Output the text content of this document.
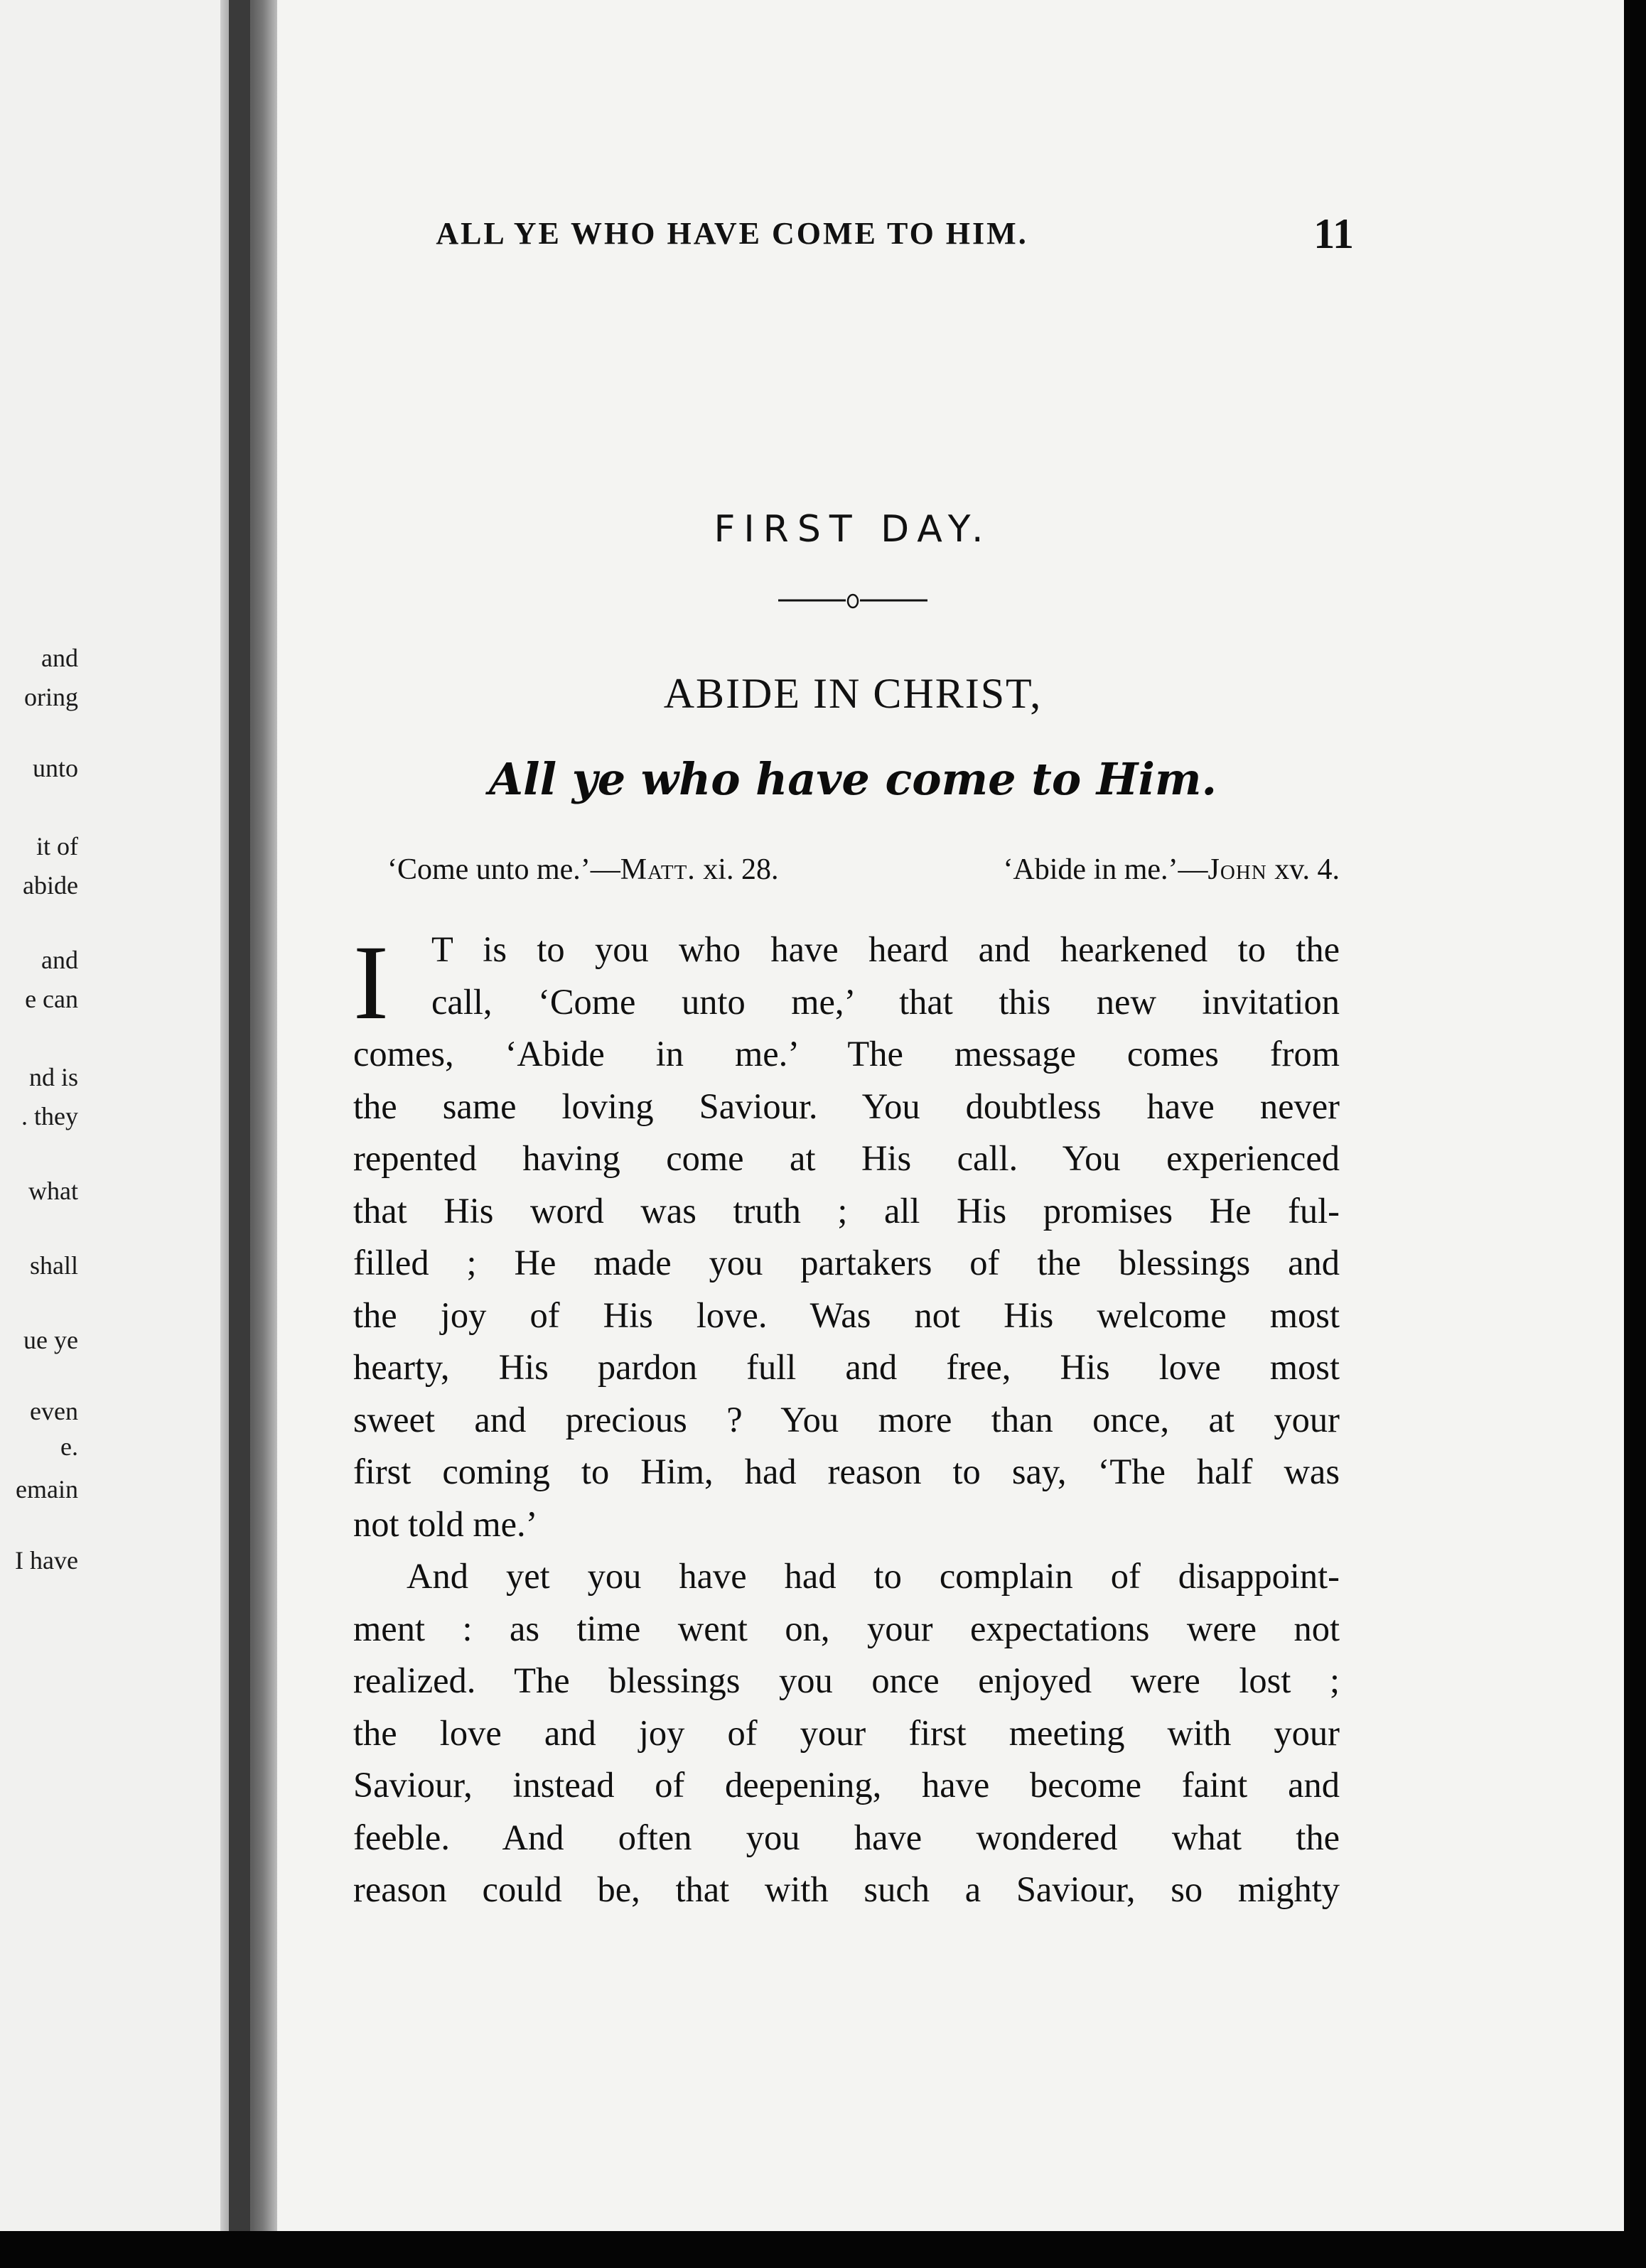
and
oring
unto
it of
abide
and
e can
nd is
. they
what
shall
ue ye
even
e.
emain
I have
ALL YE WHO HAVE COME TO HIM.	11
FIRST DAY.
ABIDE IN CHRIST,
All ye who have come to Him.
‘Come unto me.’—Matt. xi. 28.	‘Abide in me.’—John xv. 4.
I T is to you who have heard and hearkened to the
call, ‘Come unto me,’ that this new invitation
comes, ‘Abide in me.’ The message comes from
the same loving Saviour. You doubtless have never
repented having come at His call. You experienced
that His word was truth ; all His promises He ful-
filled ; He made you partakers of the blessings and
the joy of His love. Was not His welcome most
hearty, His pardon full and free, His love most
sweet and precious ? You more than once, at your
first coming to Him, had reason to say, ‘The half was
not told me.’
And yet you have had to complain of disappoint-
ment : as time went on, your expectations were not
realized. The blessings you once enjoyed were lost ;
the love and joy of your first meeting with your
Saviour, instead of deepening, have become faint and
feeble. And often you have wondered what the
reason could be, that with such a Saviour, so mighty
